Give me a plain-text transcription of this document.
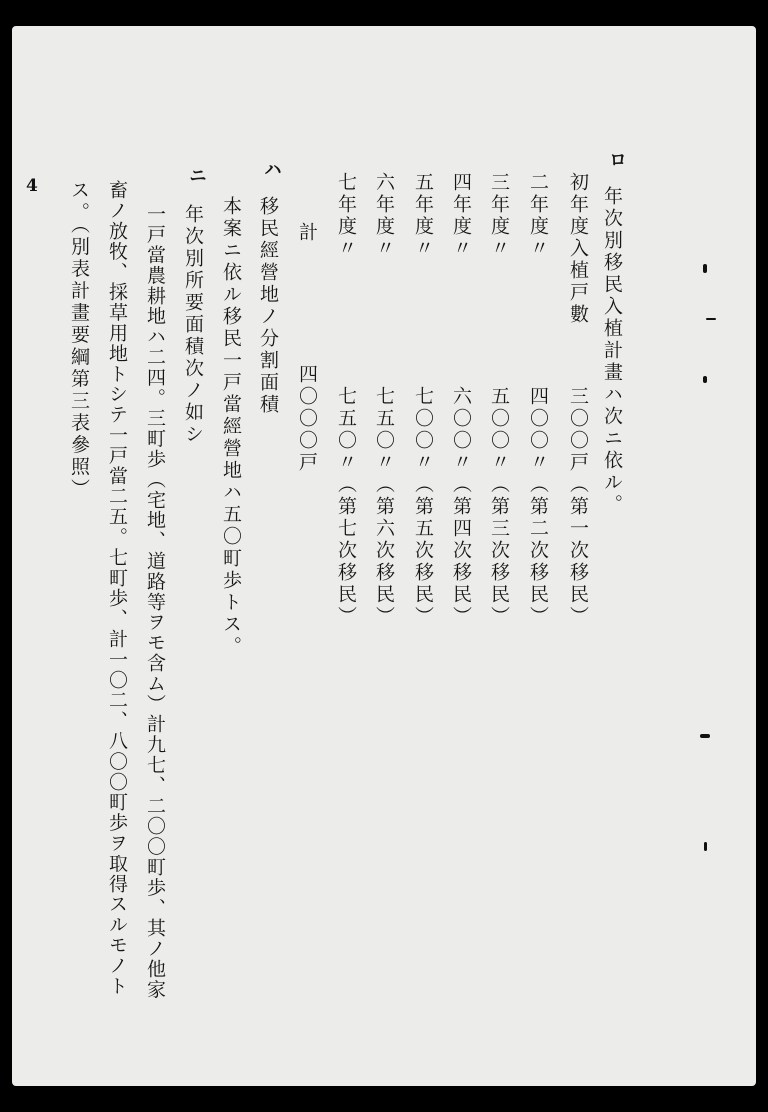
4
ロ
年次別移民入植計畫ハ次ニ依ル。
初年度入植戸數
三〇〇戸
（第一次移民）
二年度〃
四〇〇〃
（第二次移民）
三年度〃
五〇〇〃
（第三次移民）
四年度〃
六〇〇〃
（第四次移民）
五年度〃
七〇〇〃
（第五次移民）
六年度〃
七五〇〃
（第六次移民）
七年度〃
七五〇〃
（第七次移民）
計
四〇〇〇戸
ハ
移民經營地ノ分割面積
本案ニ依ル移民一戸當經營地ハ五〇町歩トス。
ニ
年次別所要面積次ノ如シ
一戸當農耕地ハ二四。三町歩（宅地、道路等ヲモ含ム）計九七、二〇〇町歩、其ノ他家
畜ノ放牧、採草用地トシテ一戸當二五。七町歩、計一〇二、八〇〇町歩ヲ取得スルモノト
ス。（別表計畫要綱第三表參照）
